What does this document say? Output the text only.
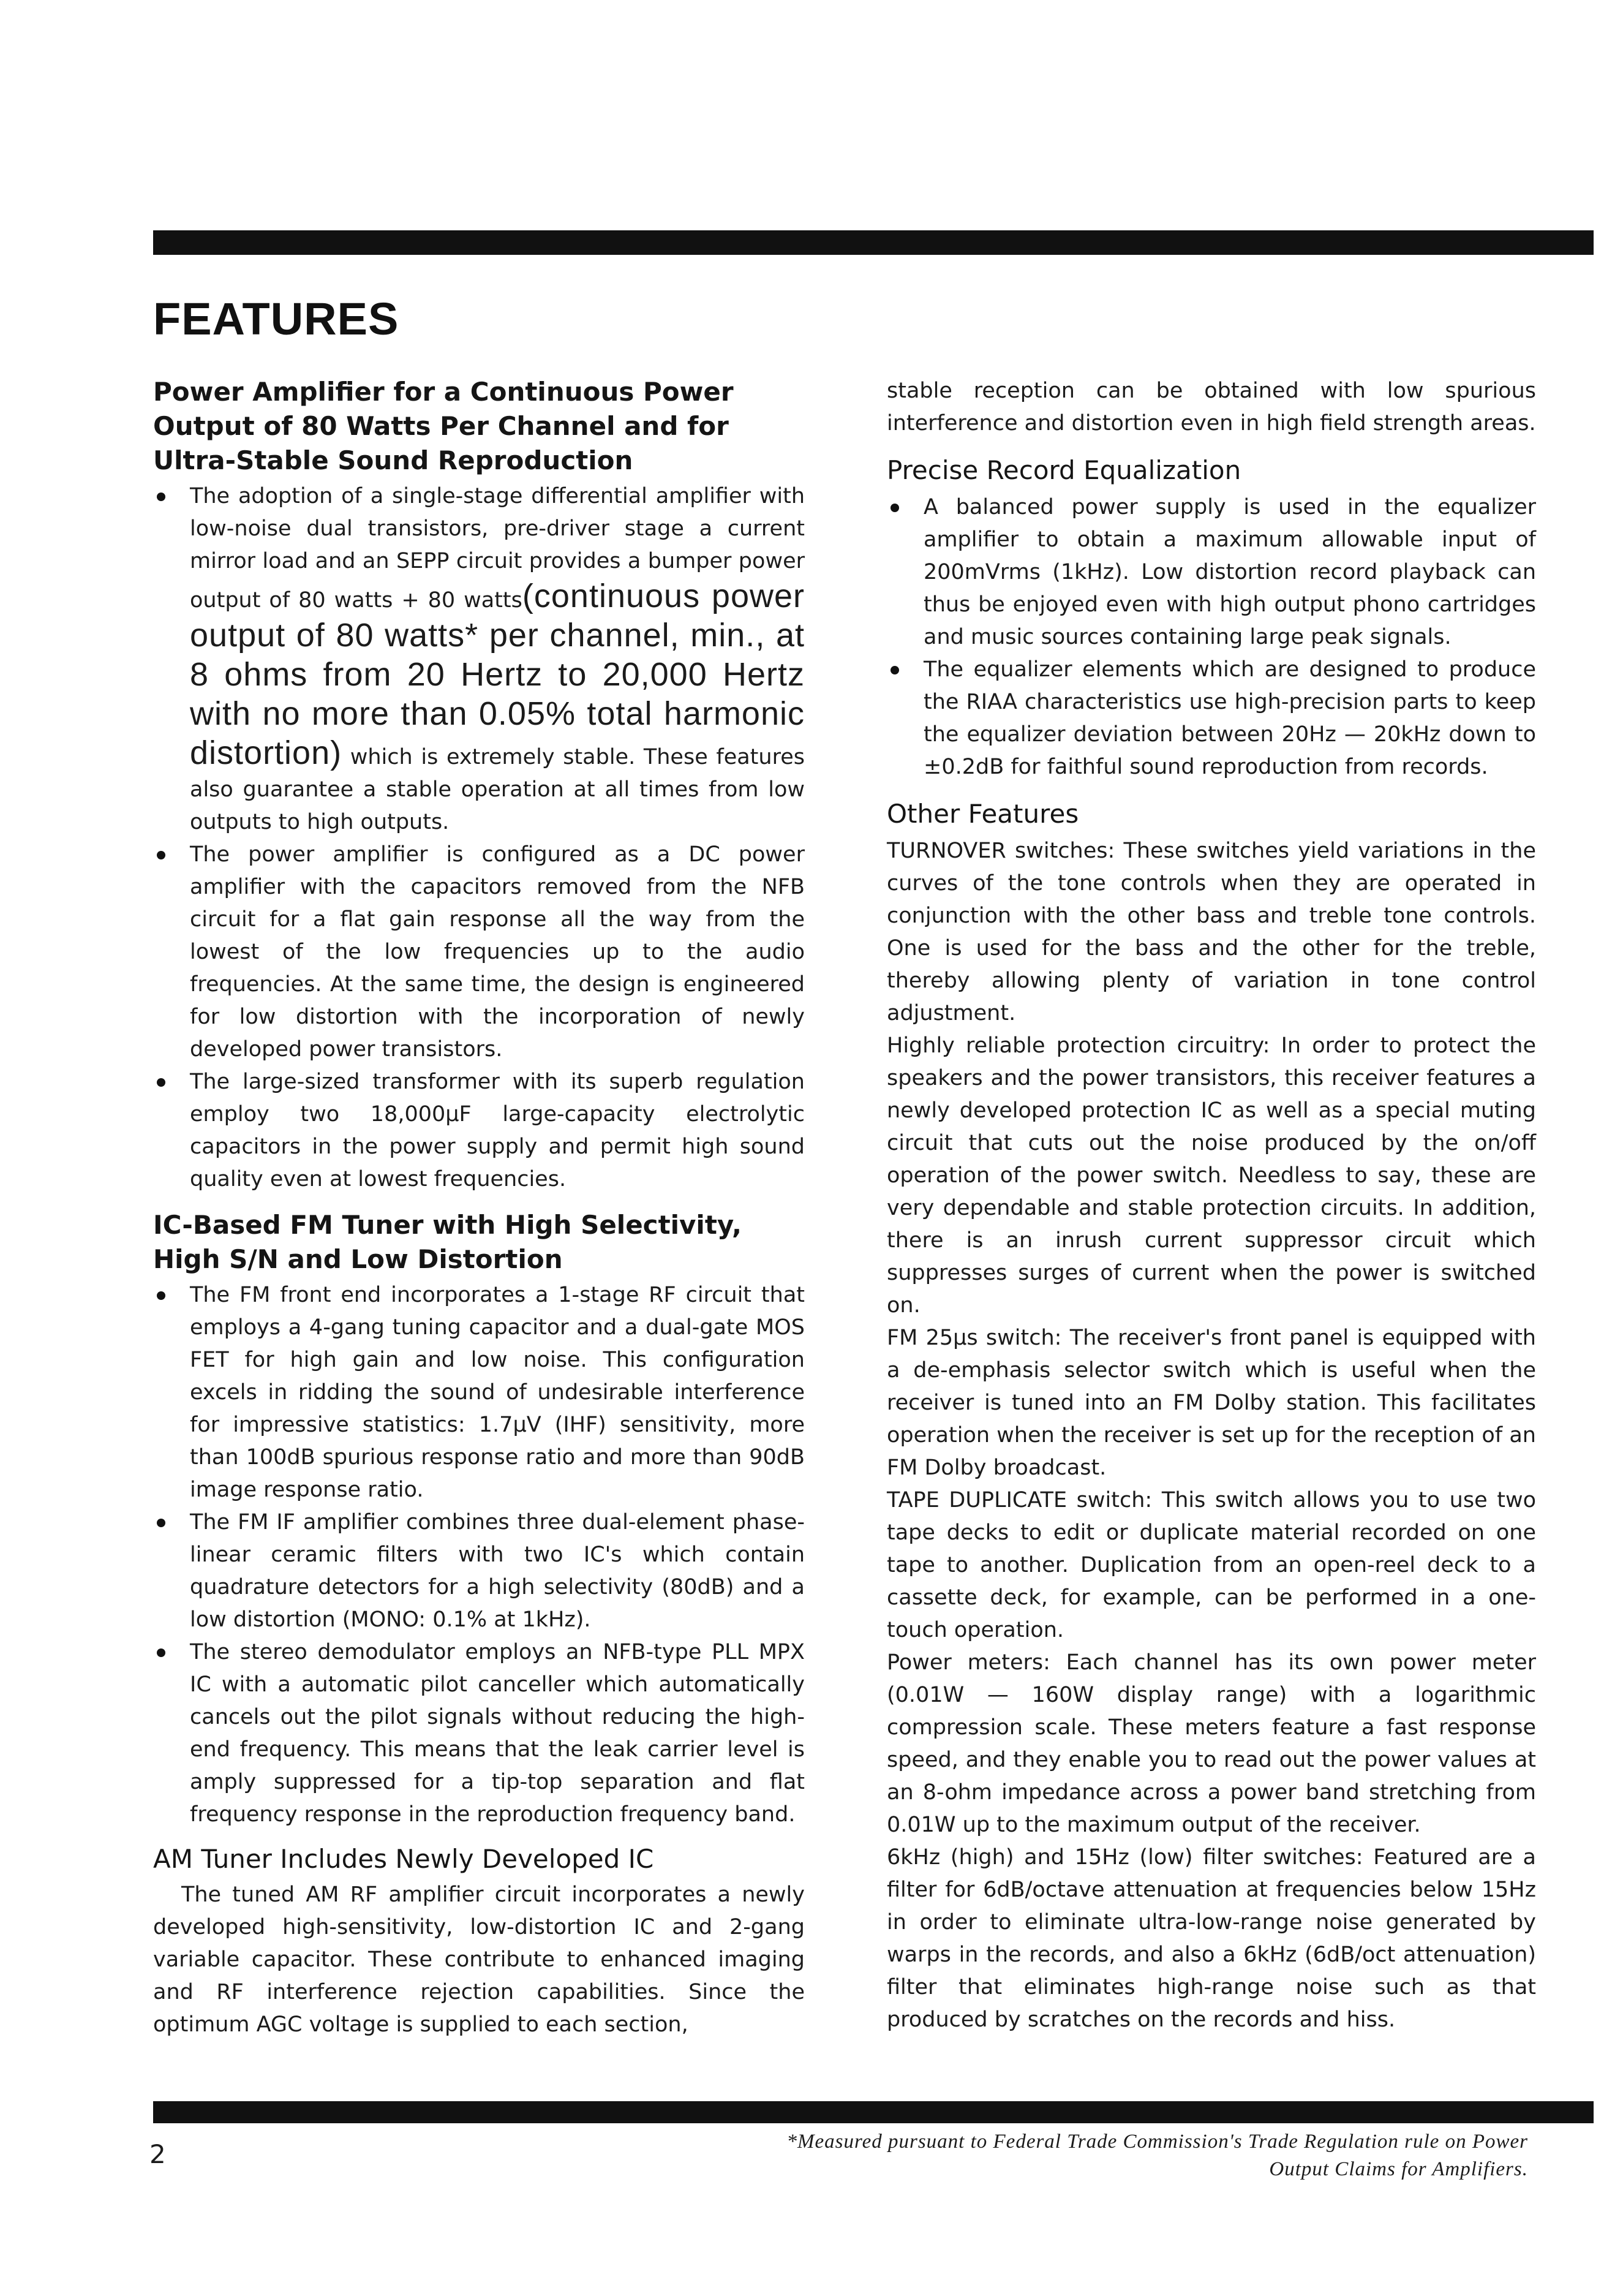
FEATURES
Power Amplifier for a Continuous Power Output of 80 Watts Per Channel and for Ultra-Stable Sound Reproduction
The adoption of a single-stage differential amplifier with low-noise dual transistors, pre-driver stage a current mirror load and an SEPP circuit provides a bumper power output of 80 watts + 80 watts(continuous power output of 80 watts* per channel, min., at 8 ohms from 20 Hertz to 20,000 Hertz with no more than 0.05% total harmonic distortion) which is extremely stable. These features also guarantee a stable operation at all times from low outputs to high outputs.
The power amplifier is configured as a DC power amplifier with the capacitors removed from the NFB circuit for a flat gain response all the way from the lowest of the low frequencies up to the audio frequencies. At the same time, the design is engineered for low distortion with the incorporation of newly developed power transistors.
The large-sized transformer with its superb regulation employ two 18,000μF large-capacity electrolytic capacitors in the power supply and permit high sound quality even at lowest frequencies.
IC-Based FM Tuner with High Selectivity, High S/N and Low Distortion
The FM front end incorporates a 1-stage RF circuit that employs a 4-gang tuning capacitor and a dual-gate MOS FET for high gain and low noise. This configuration excels in ridding the sound of undesirable interference for impressive statistics: 1.7μV (IHF) sensitivity, more than 100dB spurious response ratio and more than 90dB image response ratio.
The FM IF amplifier combines three dual-element phase-linear ceramic filters with two IC's which contain quadrature detectors for a high selectivity (80dB) and a low distortion (MONO: 0.1% at 1kHz).
The stereo demodulator employs an NFB-type PLL MPX IC with a automatic pilot canceller which automatically cancels out the pilot signals without reducing the high-end frequency. This means that the leak carrier level is amply suppressed for a tip-top separation and flat frequency response in the reproduction frequency band.
AM Tuner Includes Newly Developed IC

The tuned AM RF amplifier circuit incorporates a newly developed high-sensitivity, low-distortion IC and 2-gang variable capacitor. These contribute to enhanced imaging and RF interference rejection capabilities. Since the optimum AGC voltage is supplied to each section,

stable reception can be obtained with low spurious interference and distortion even in high field strength areas.

Precise Record Equalization
A balanced power supply is used in the equalizer amplifier to obtain a maximum allowable input of 200mVrms (1kHz). Low distortion record playback can thus be enjoyed even with high output phono cartridges and music sources containing large peak signals.
The equalizer elements which are designed to produce the RIAA characteristics use high-precision parts to keep the equalizer deviation between 20Hz — 20kHz down to ±0.2dB for faithful sound reproduction from records.
Other Features

TURNOVER switches: These switches yield variations in the curves of the tone controls when they are operated in conjunction with the other bass and treble tone controls. One is used for the bass and the other for the treble, thereby allowing plenty of variation in tone control adjustment.

Highly reliable protection circuitry: In order to protect the speakers and the power transistors, this receiver features a newly developed protection IC as well as a special muting circuit that cuts out the noise produced by the on/off operation of the power switch. Needless to say, these are very dependable and stable protection circuits. In addition, there is an inrush current suppressor circuit which suppresses surges of current when the power is switched on.

FM 25μs switch: The receiver's front panel is equipped with a de-emphasis selector switch which is useful when the receiver is tuned into an FM Dolby station. This facilitates operation when the receiver is set up for the reception of an FM Dolby broadcast.

TAPE DUPLICATE switch: This switch allows you to use two tape decks to edit or duplicate material recorded on one tape to another. Duplication from an open-reel deck to a cassette deck, for example, can be performed in a one-touch operation.

Power meters: Each channel has its own power meter (0.01W — 160W display range) with a logarithmic compression scale. These meters feature a fast response speed, and they enable you to read out the power values at an 8-ohm impedance across a power band stretching from 0.01W up to the maximum output of the receiver.

6kHz (high) and 15Hz (low) filter switches: Featured are a filter for 6dB/octave attenuation at frequencies below 15Hz in order to eliminate ultra-low-range noise generated by warps in the records, and also a 6kHz (6dB/oct attenuation) filter that eliminates high-range noise such as that produced by scratches on the records and hiss.

2	*Measured pursuant to Federal Trade Commission's Trade Regulation rule on Power Output Claims for Amplifiers.
